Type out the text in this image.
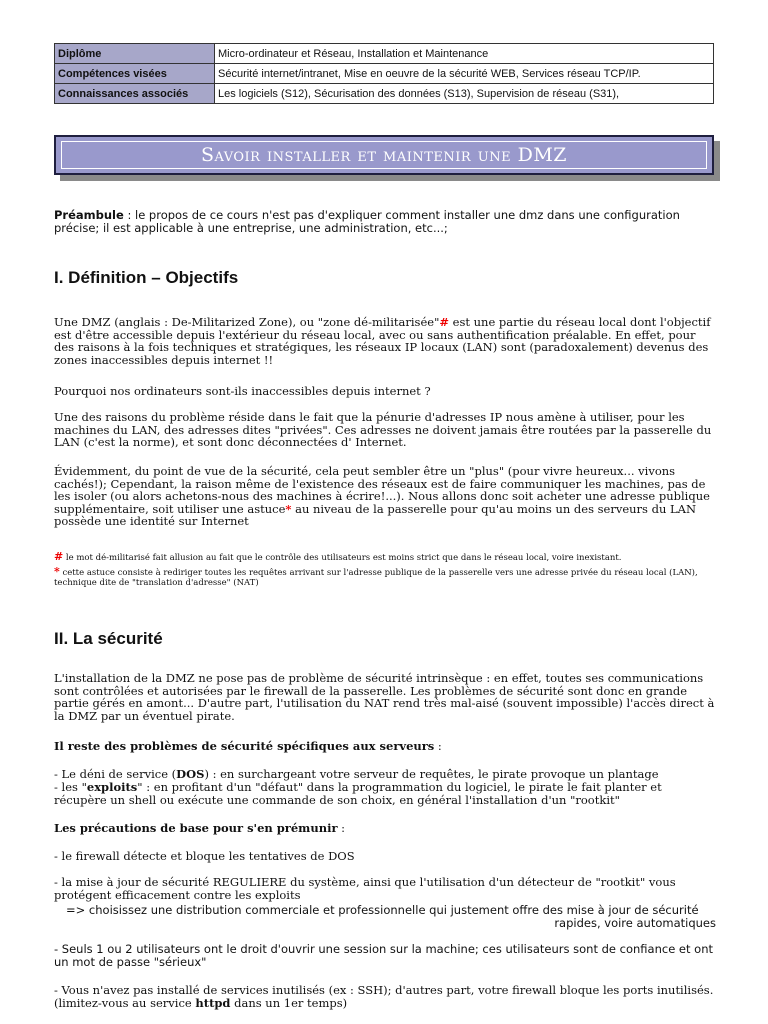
Diplôme	Micro-ordinateur et Réseau, Installation et Maintenance
Compétences visées	Sécurité internet/intranet, Mise en oeuvre de la sécurité WEB, Services réseau TCP/IP.
Connaissances associés	Les logiciels (S12), Sécurisation des données (S13), Supervision de réseau (S31),
Savoir installer et maintenir une DMZ
Préambule : le propos de ce cours n'est pas d'expliquer comment installer une dmz dans une configuration précise; il est applicable à une entreprise, une administration, etc...;
I. Définition – Objectifs

Une DMZ (anglais : De-Militarized Zone), ou "zone dé-militarisée"# est une partie du réseau local dont l'objectif est d'être accessible depuis l'extérieur du réseau local, avec ou sans authentification préalable. En effet, pour des raisons à la fois techniques et stratégiques, les réseaux IP locaux (LAN) sont (paradoxalement) devenus des zones inaccessibles depuis internet !!

Pourquoi nos ordinateurs sont-ils inaccessibles depuis internet ?

Une des raisons du problème réside dans le fait que la pénurie d'adresses IP nous amène à utiliser, pour les machines du LAN, des adresses dites "privées". Ces adresses ne doivent jamais être routées par la passerelle du LAN (c'est la norme), et sont donc déconnectées d' Internet.

Évidemment, du point de vue de la sécurité, cela peut sembler être un "plus" (pour vivre heureux... vivons cachés!); Cependant, la raison même de l'existence des réseaux est de faire communiquer les machines, pas de les isoler (ou alors achetons-nous des machines à écrire!...). Nous allons donc soit acheter une adresse publique supplémentaire, soit utiliser une astuce* au niveau de la passerelle pour qu'au moins un des serveurs du LAN possède une identité sur Internet

# le mot dé-militarisé fait allusion au fait que le contrôle des utilisateurs est moins strict que dans le réseau local, voire inexistant.

* cette astuce consiste à rediriger toutes les requêtes arrivant sur l'adresse publique de la passerelle vers une adresse privée du réseau local (LAN), technique dite de "translation d'adresse" (NAT)

II. La sécurité

L'installation de la DMZ ne pose pas de problème de sécurité intrinsèque : en effet, toutes ses communications sont contrôlées et autorisées par le firewall de la passerelle. Les problèmes de sécurité sont donc en grande partie gérés en amont... D'autre part, l'utilisation du NAT rend très mal-aisé (souvent impossible) l'accès direct à la DMZ par un éventuel pirate.

Il reste des problèmes de sécurité spécifiques aux serveurs :

- Le déni de service (DOS) : en surchargeant votre serveur de requêtes, le pirate provoque un plantage

- les "exploits" : en profitant d'un "défaut" dans la programmation du logiciel, le pirate le fait planter et récupère un shell ou exécute une commande de son choix, en général l'installation d'un "rootkit"

Les précautions de base pour s'en prémunir :

- le firewall détecte et bloque les tentatives de DOS

- la mise à jour de sécurité REGULIERE du système, ainsi que l'utilisation d'un détecteur de "rootkit" vous protégent efficacement contre les exploits

=> choisissez une distribution commerciale et professionnelle qui justement offre des mise à jour de sécurité

rapides, voire automatiques

- Seuls 1 ou 2 utilisateurs ont le droit d'ouvrir une session sur la machine; ces utilisateurs sont de confiance et ont un mot de passe "sérieux"

- Vous n'avez pas installé de services inutilisés (ex : SSH); d'autres part, votre firewall bloque les ports inutilisés. (limitez-vous au service httpd dans un 1er temps)
